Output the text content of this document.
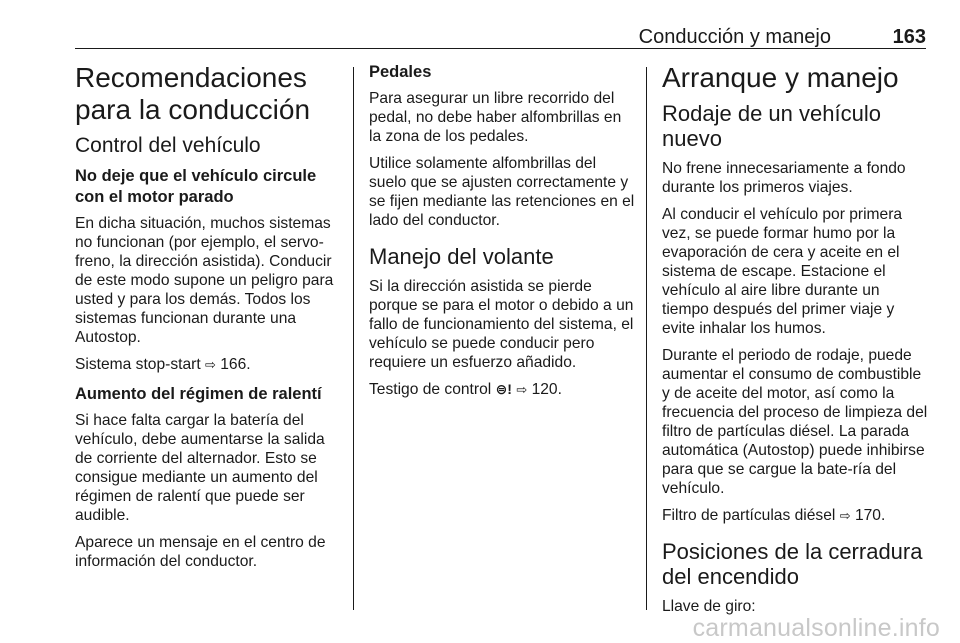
Conducción y manejo	163
Recomendaciones para la conducción
Control del vehículo
No deje que el vehículo circule con el motor parado

En dicha situación, muchos sistemas no funcionan (por ejemplo, el servo-freno, la dirección asistida). Conducir de este modo supone un peligro para usted y para los demás. Todos los sistemas funcionan durante una Autostop.

Sistema stop-start ⇨ 166.

Aumento del régimen de ralentí

Si hace falta cargar la batería del vehículo, debe aumentarse la salida de corriente del alternador. Esto se consigue mediante un aumento del régimen de ralentí que puede ser audible.

Aparece un mensaje en el centro de información del conductor.

Pedales

Para asegurar un libre recorrido del pedal, no debe haber alfombrillas en la zona de los pedales.

Utilice solamente alfombrillas del suelo que se ajusten correctamente y se fijen mediante las retenciones en el lado del conductor.

Manejo del volante

Si la dirección asistida se pierde porque se para el motor o debido a un fallo de funcionamiento del sistema, el vehículo se puede conducir pero requiere un esfuerzo añadido.

Testigo de control ⊜! ⇨ 120.

Arranque y manejo
Rodaje de un vehículo nuevo

No frene innecesariamente a fondo durante los primeros viajes.

Al conducir el vehículo por primera vez, se puede formar humo por la evaporación de cera y aceite en el sistema de escape. Estacione el vehículo al aire libre durante un tiempo después del primer viaje y evite inhalar los humos.

Durante el periodo de rodaje, puede aumentar el consumo de combustible y de aceite del motor, así como la frecuencia del proceso de limpieza del filtro de partículas diésel. La parada automática (Autostop) puede inhibirse para que se cargue la bate-ría del vehículo.

Filtro de partículas diésel ⇨ 170.

Posiciones de la cerradura del encendido

Llave de giro:

carmanualsonline.info
